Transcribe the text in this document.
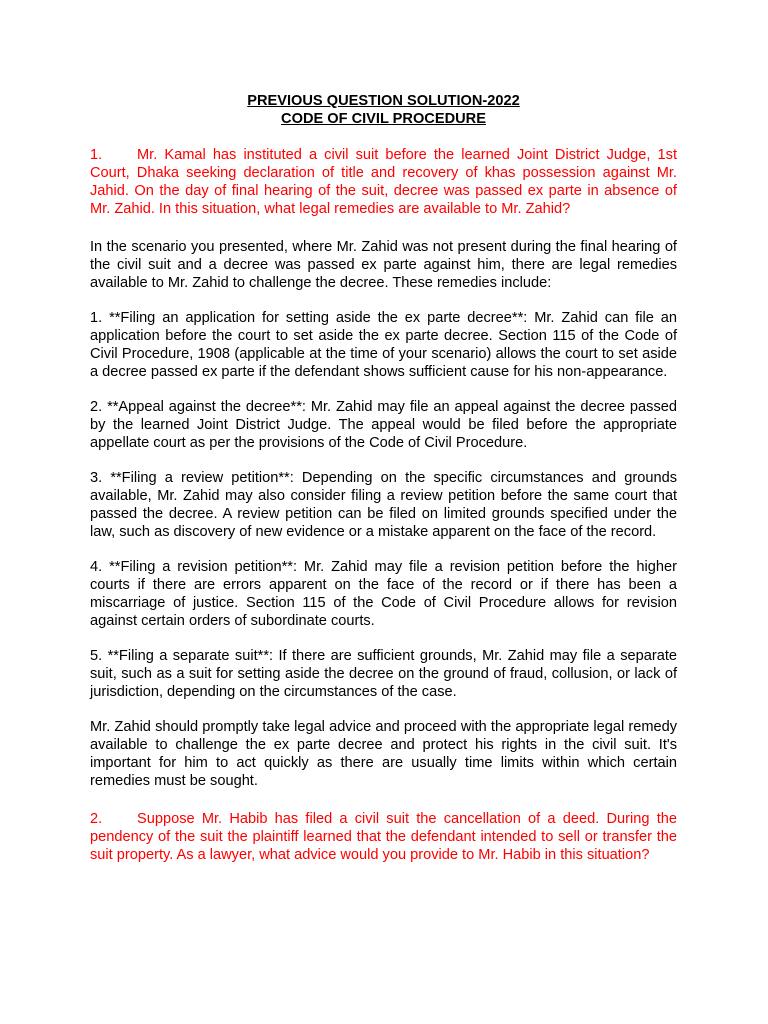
PREVIOUS QUESTION SOLUTION-2022
CODE OF CIVIL PROCEDURE

1. Mr. Kamal has instituted a civil suit before the learned Joint District Judge, 1st Court, Dhaka seeking declaration of title and recovery of khas possession against Mr. Jahid. On the day of final hearing of the suit, decree was passed ex parte in absence of Mr. Zahid. In this situation, what legal remedies are available to Mr. Zahid?

In the scenario you presented, where Mr. Zahid was not present during the final hearing of the civil suit and a decree was passed ex parte against him, there are legal remedies available to Mr. Zahid to challenge the decree. These remedies include:

1. **Filing an application for setting aside the ex parte decree**: Mr. Zahid can file an application before the court to set aside the ex parte decree. Section 115 of the Code of Civil Procedure, 1908 (applicable at the time of your scenario) allows the court to set aside a decree passed ex parte if the defendant shows sufficient cause for his non-appearance.

2. **Appeal against the decree**: Mr. Zahid may file an appeal against the decree passed by the learned Joint District Judge. The appeal would be filed before the appropriate appellate court as per the provisions of the Code of Civil Procedure.

3. **Filing a review petition**: Depending on the specific circumstances and grounds available, Mr. Zahid may also consider filing a review petition before the same court that passed the decree. A review petition can be filed on limited grounds specified under the law, such as discovery of new evidence or a mistake apparent on the face of the record.

4. **Filing a revision petition**: Mr. Zahid may file a revision petition before the higher courts if there are errors apparent on the face of the record or if there has been a miscarriage of justice. Section 115 of the Code of Civil Procedure allows for revision against certain orders of subordinate courts.

5. **Filing a separate suit**: If there are sufficient grounds, Mr. Zahid may file a separate suit, such as a suit for setting aside the decree on the ground of fraud, collusion, or lack of jurisdiction, depending on the circumstances of the case.

Mr. Zahid should promptly take legal advice and proceed with the appropriate legal remedy available to challenge the ex parte decree and protect his rights in the civil suit. It's important for him to act quickly as there are usually time limits within which certain remedies must be sought.

2. Suppose Mr. Habib has filed a civil suit the cancellation of a deed. During the pendency of the suit the plaintiff learned that the defendant intended to sell or transfer the suit property. As a lawyer, what advice would you provide to Mr. Habib in this situation?
